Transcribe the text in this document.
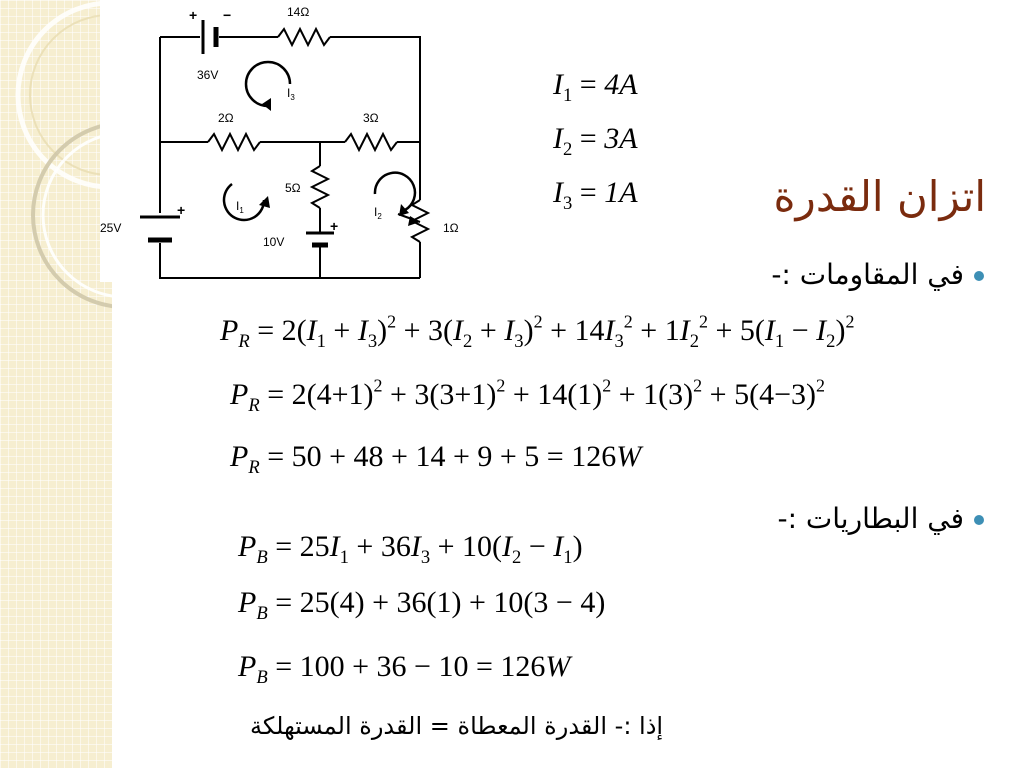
14Ω
36V
$I_3$
2Ω	3Ω
5Ω
25V
$I_1$	$I_2$
10V
1Ω
+ −
+
+
$I_1 = 4A$
$I_2 = 3A$
$I_3 = 1A$	اتزان القدرة
في المقاومات :-
$P_R = 2(I_1 + I_3)^2 + 3(I_2 + I_3)^2 + 14I_3^2 + 1I_2^2 + 5(I_1 - I_2)^2$
$P_R = 2(4+1)^2 + 3(3+1)^2 + 14(1)^2 + 1(3)^2 + 5(4-3)^2$
$P_R = 50 + 48 + 14 + 9 + 5 = 126W$
في البطاريات :-
$P_B = 25I_1 + 36I_3 + 10(I_2 - I_1)$
$P_B = 25(4) + 36(1) + 10(3 - 4)$
$P_B = 100 + 36 - 10 = 126W$
إذا :- القدرة المعطاة = القدرة المستهلكة
